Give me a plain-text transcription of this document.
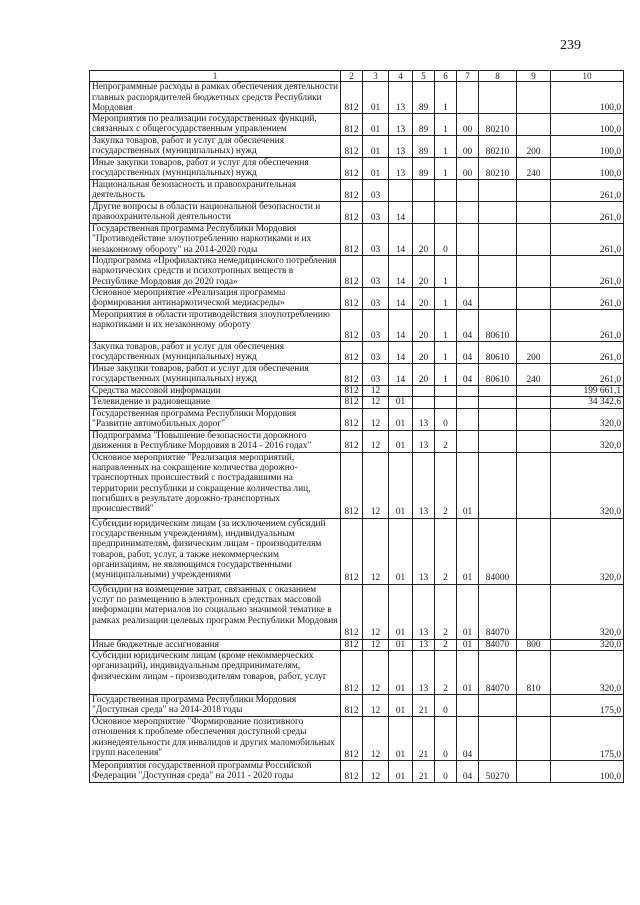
239
1	2	3	4	5	6	7	8	9	10
Непрограммные расходы в рамках обеспечения деятельности главных распорядителей бюджетных средств Республики Мордовия	812	01	13	89	1				100,0
Мероприятия по реализации государственных функций, связанных с общегосударственным управлением	812	01	13	89	1	00	80210		100,0
Закупка товаров, работ и услуг для обеспечения государственных (муниципальных) нужд	812	01	13	89	1	00	80210	200	100,0
Иные закупки товаров, работ и услуг для обеспечения государственных (муниципальных) нужд	812	01	13	89	1	00	80210	240	100,0
Национальная безопасность и правоохранительная деятельность	812	03							261,0
Другие вопросы в области национальной безопасности и правоохранительной деятельности	812	03	14						261,0
Государственная программа Республики Мордовия "Противодействие злоупотреблению наркотиками и их незаконному обороту" на 2014-2020 годы	812	03	14	20	0				261,0
Подпрограмма «Профилактика немедицинского потребления наркотических средств и психотропных веществ в Республике Мордовия до 2020 года»	812	03	14	20	1				261,0
Основное мероприятие «Реализация программы формирования антинаркотической медиасреды»	812	03	14	20	1	04			261,0
Мероприятия в области противодействия злоупотреблению наркотиками и их незаконному обороту	812	03	14	20	1	04	80610		261,0
Закупка товаров, работ и услуг для обеспечения государственных (муниципальных) нужд	812	03	14	20	1	04	80610	200	261,0
Иные закупки товаров, работ и услуг для обеспечения государственных (муниципальных) нужд	812	03	14	20	1	04	80610	240	261,0
Средства массовой информации	812	12							199 661,1
Телевидение и радиовещание	812	12	01						34 342,6
Государственная программа Республики Мордовия "Развитие автомобильных дорог"	812	12	01	13	0				320,0
Подпрограмма "Повышение безопасности дорожного движения в Республике Мордовия в 2014 - 2016 годах"	812	12	01	13	2				320,0
Основное мероприятие "Реализация мероприятий, направленных на сокращение количества дорожно-транспортных происшествий с пострадавшими на территории республики и сокращение количества лиц, погибших в результате дорожно-транспортных происшествий"	812	12	01	13	2	01			320,0
Субсидии юридическим лицам (за исключением субсидий государственным учреждениям), индивидуальным предпринимателям, физическим лицам - производителям товаров, работ, услуг, а также некоммерческим организациям, не являющимся государственными (муниципальными) учреждениями	812	12	01	13	2	01	84000		320,0
Субсидии на возмещение затрат, связанных с оказанием услуг по размещению в электронных средствах массовой информации материалов по социально значимой тематике в рамках реализации целевых программ Республики Мордовия	812	12	01	13	2	01	84070		320,0
Иные бюджетные ассигнования	812	12	01	13	2	01	84070	800	320,0
Субсидии юридическим лицам (кроме некоммерческих организаций), индивидуальным предпринимателям, физическим лицам - производителям товаров, работ, услуг	812	12	01	13	2	01	84070	810	320,0
Государственная программа Республики Мордовия "Доступная среда" на 2014-2018 годы	812	12	01	21	0				175,0
Основное мероприятие "Формирование позитивного отношения к проблеме обеспечения доступной среды жизнедеятельности для инвалидов и других маломобильных групп населения"	812	12	01	21	0	04			175,0
Мероприятия государственной программы Российской Федерации "Доступная среда" на 2011 - 2020 годы	812	12	01	21	0	04	50270		100,0
